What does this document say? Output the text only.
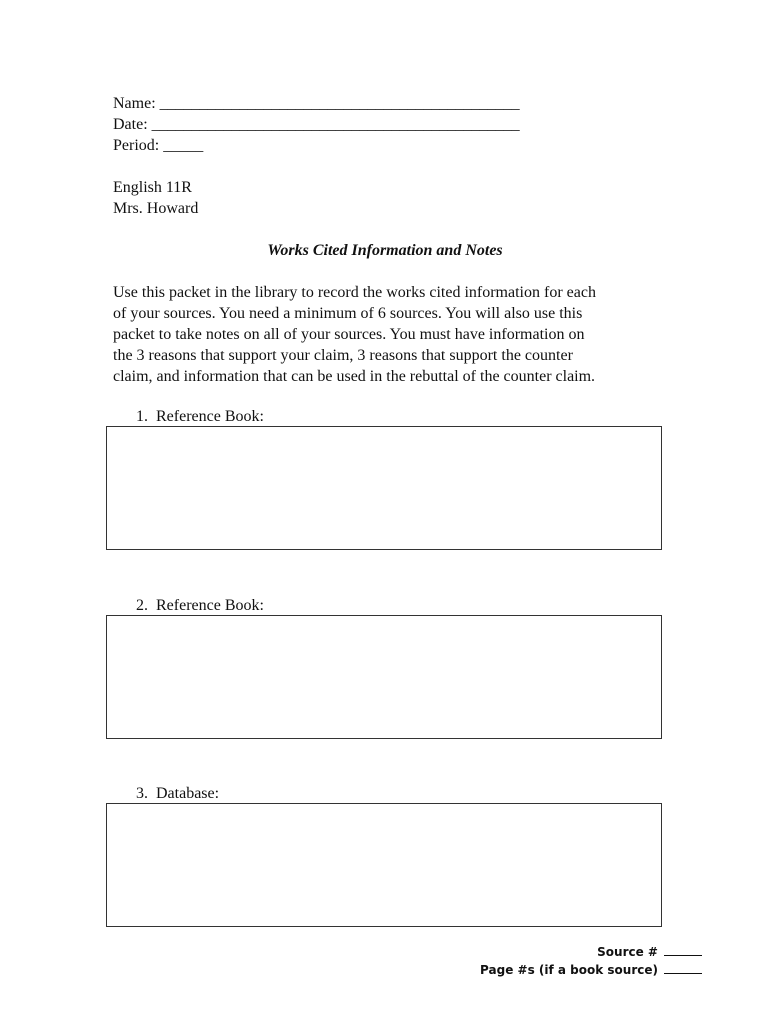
Name: _____________________________________________
Date: ______________________________________________
Period: _____
English 11R
Mrs. Howard
Works Cited Information and Notes
Use this packet in the library to record the works cited information for each
of your sources. You need a minimum of 6 sources. You will also use this
packet to take notes on all of your sources. You must have information on
the 3 reasons that support your claim, 3 reasons that support the counter
claim, and information that can be used in the rebuttal of the counter claim.
1.  Reference Book:
2.  Reference Book:
3.  Database:
Source #
Page #s (if a book source)
